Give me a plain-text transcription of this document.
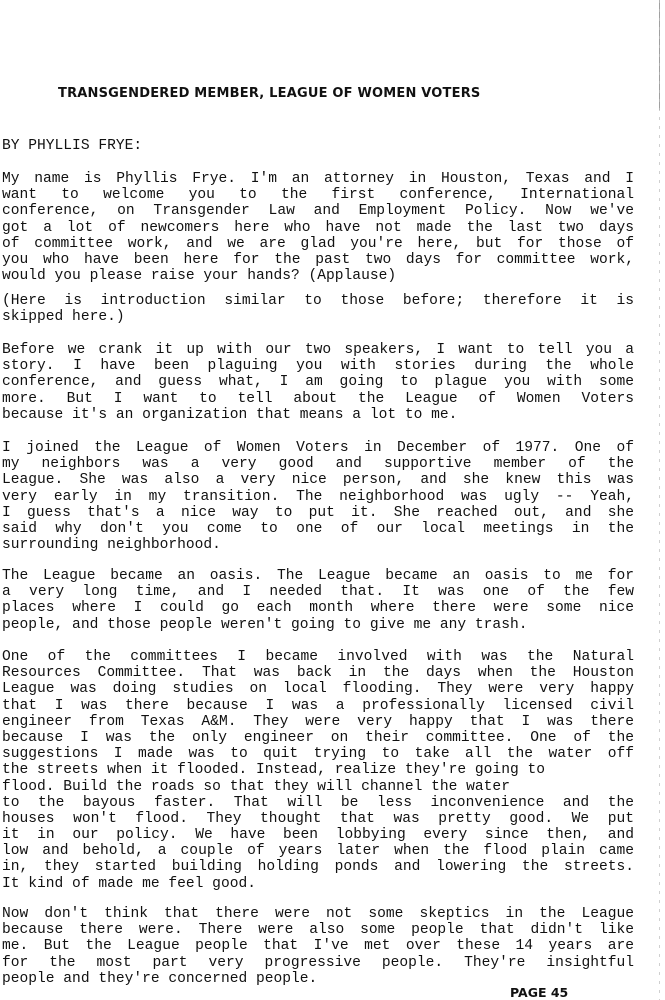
TRANSGENDERED MEMBER, LEAGUE OF WOMEN VOTERS
BY PHYLLIS FRYE:
My name is Phyllis Frye. I'm an attorney in Houston, Texas and I
want to welcome you to the first conference, International
conference, on Transgender Law and Employment Policy. Now we've
got a lot of newcomers here who have not made the last two days
of committee work, and we are glad you're here, but for those of
you who have been here for the past two days for committee work,
would you please raise your hands? (Applause)
(Here is introduction similar to those before; therefore it is
skipped here.)
Before we crank it up with our two speakers, I want to tell you a
story. I have been plaguing you with stories during the whole
conference, and guess what, I am going to plague you with some
more. But I want to tell about the League of Women Voters
because it's an organization that means a lot to me.
I joined the League of Women Voters in December of 1977. One of
my neighbors was a very good and supportive member of the
League. She was also a very nice person, and she knew this was
very early in my transition. The neighborhood was ugly -- Yeah,
I guess that's a nice way to put it. She reached out, and she
said why don't you come to one of our local meetings in the
surrounding neighborhood.
The League became an oasis. The League became an oasis to me for
a very long time, and I needed that. It was one of the few
places where I could go each month where there were some nice
people, and those people weren't going to give me any trash.
One of the committees I became involved with was the Natural
Resources Committee. That was back in the days when the Houston
League was doing studies on local flooding. They were very happy
that I was there because I was a professionally licensed civil
engineer from Texas A&M. They were very happy that I was there
because I was the only engineer on their committee. One of the
suggestions I made was to quit trying to take all the water off
the streets when it flooded. Instead, realize they're going to
flood. Build the roads so that they will channel the water
to the bayous faster. That will be less inconvenience and the
houses won't flood. They thought that was pretty good. We put
it in our policy. We have been lobbying every since then, and
low and behold, a couple of years later when the flood plain came
in, they started building holding ponds and lowering the streets.
It kind of made me feel good.
Now don't think that there were not some skeptics in the League
because there were. There were also some people that didn't like
me. But the League people that I've met over these 14 years are
for the most part very progressive people. They're insightful
people and they're concerned people.
PAGE 45
